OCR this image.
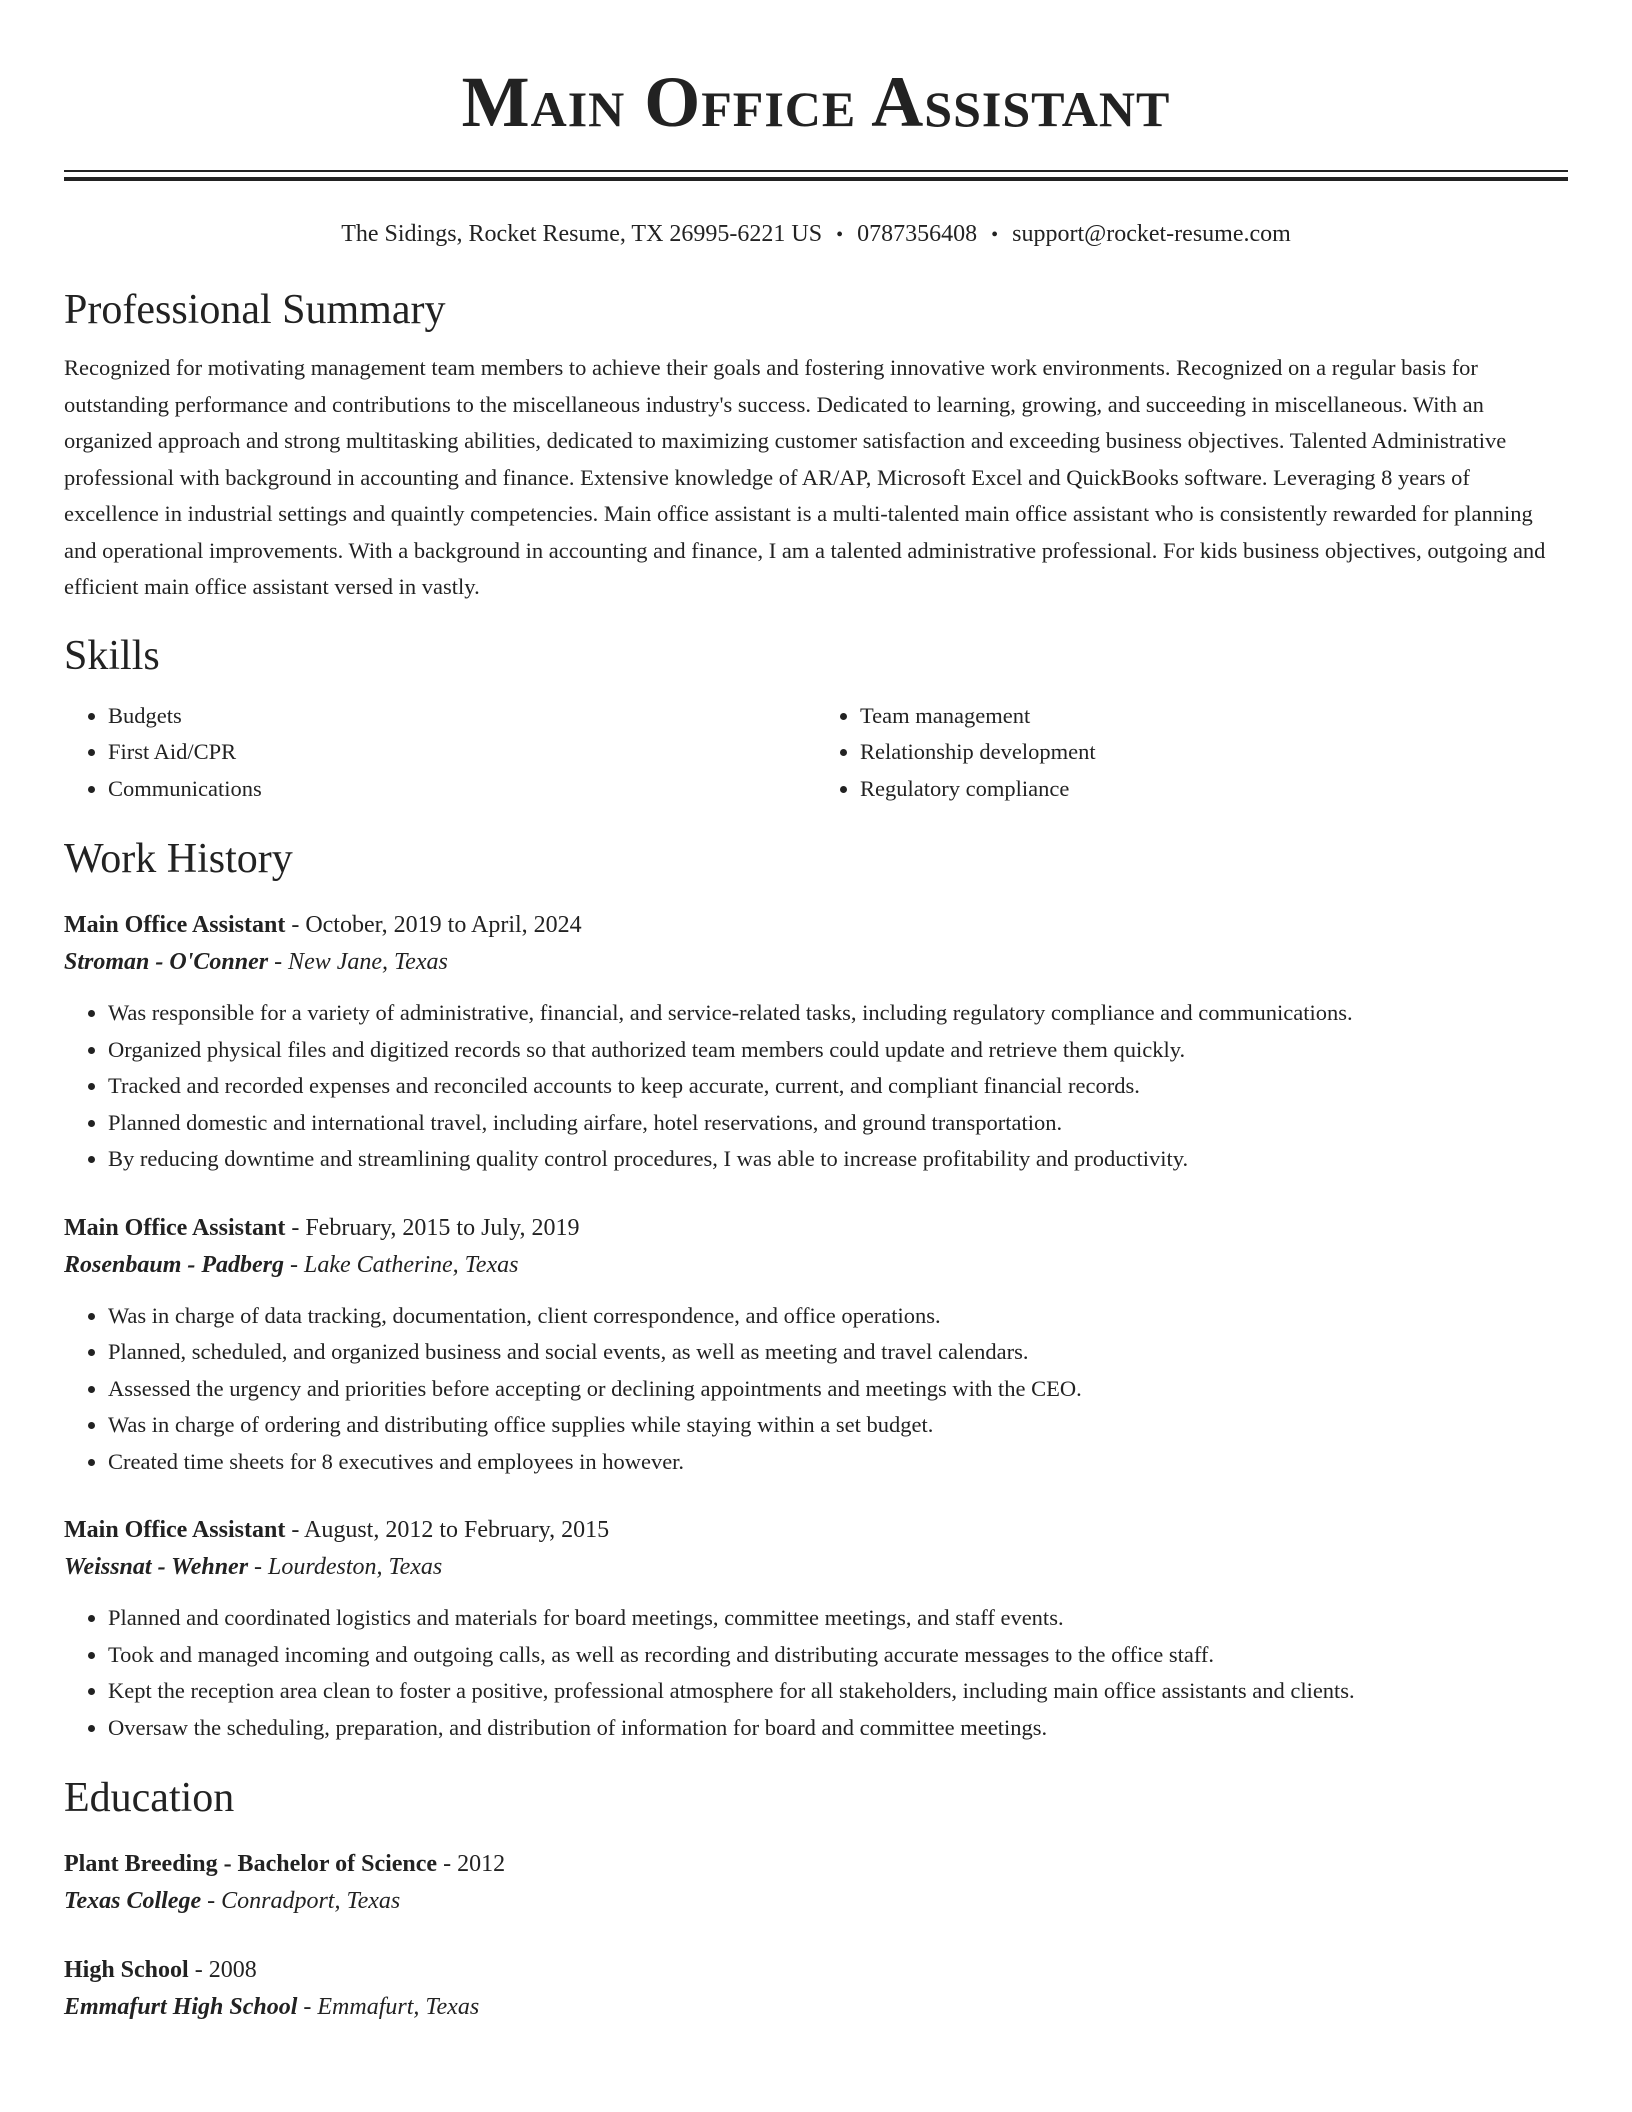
Main Office Assistant
The Sidings, Rocket Resume, TX 26995-6221 US • 0787356408 • support@rocket-resume.com
Professional Summary
Recognized for motivating management team members to achieve their goals and fostering innovative work environments. Recognized on a regular basis for outstanding performance and contributions to the miscellaneous industry's success. Dedicated to learning, growing, and succeeding in miscellaneous. With an organized approach and strong multitasking abilities, dedicated to maximizing customer satisfaction and exceeding business objectives. Talented Administrative professional with background in accounting and finance. Extensive knowledge of AR/AP, Microsoft Excel and QuickBooks software. Leveraging 8 years of excellence in industrial settings and quaintly competencies. Main office assistant is a multi-talented main office assistant who is consistently rewarded for planning and operational improvements. With a background in accounting and finance, I am a talented administrative professional. For kids business objectives, outgoing and efficient main office assistant versed in vastly.
Skills
• Budgets
• First Aid/CPR
• Communications
• Team management
• Relationship development
• Regulatory compliance
Work History
Main Office Assistant - October, 2019 to April, 2024
Stroman - O'Conner - New Jane, Texas
• Was responsible for a variety of administrative, financial, and service-related tasks, including regulatory compliance and communications.
• Organized physical files and digitized records so that authorized team members could update and retrieve them quickly.
• Tracked and recorded expenses and reconciled accounts to keep accurate, current, and compliant financial records.
• Planned domestic and international travel, including airfare, hotel reservations, and ground transportation.
• By reducing downtime and streamlining quality control procedures, I was able to increase profitability and productivity.
Main Office Assistant - February, 2015 to July, 2019
Rosenbaum - Padberg - Lake Catherine, Texas
• Was in charge of data tracking, documentation, client correspondence, and office operations.
• Planned, scheduled, and organized business and social events, as well as meeting and travel calendars.
• Assessed the urgency and priorities before accepting or declining appointments and meetings with the CEO.
• Was in charge of ordering and distributing office supplies while staying within a set budget.
• Created time sheets for 8 executives and employees in however.
Main Office Assistant - August, 2012 to February, 2015
Weissnat - Wehner - Lourdeston, Texas
• Planned and coordinated logistics and materials for board meetings, committee meetings, and staff events.
• Took and managed incoming and outgoing calls, as well as recording and distributing accurate messages to the office staff.
• Kept the reception area clean to foster a positive, professional atmosphere for all stakeholders, including main office assistants and clients.
• Oversaw the scheduling, preparation, and distribution of information for board and committee meetings.
Education
Plant Breeding - Bachelor of Science - 2012
Texas College - Conradport, Texas
High School - 2008
Emmafurt High School - Emmafurt, Texas
